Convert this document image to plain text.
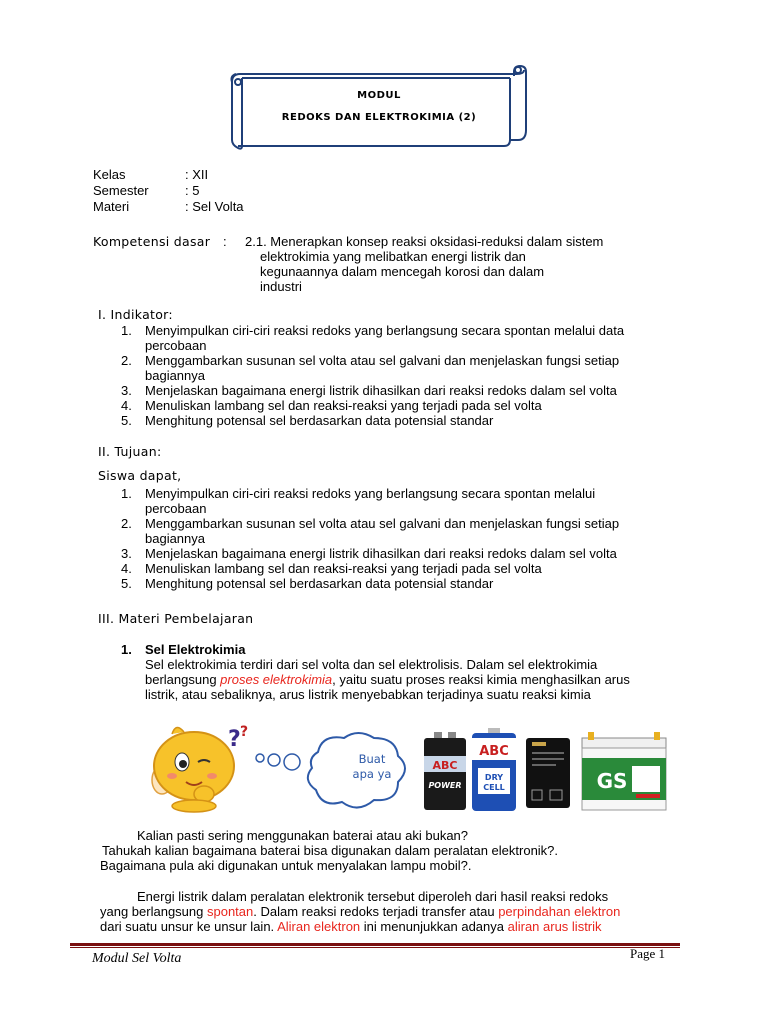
MODUL
REDOKS DAN ELEKTROKIMIA (2)
Kelas	: XII
Semester	: 5
Materi	: Sel Volta
Kompetensi dasar : 2.1. Menerapkan konsep reaksi oksidasi-reduksi dalam sistem
elektrokimia yang melibatkan energi listrik dan
kegunaannya dalam mencegah korosi dan dalam
industri
I. Indikator:
1. Menyimpulkan ciri-ciri reaksi redoks yang berlangsung secara spontan melalui data
percobaan
2. Menggambarkan susunan sel volta atau sel galvani dan menjelaskan fungsi setiap
bagiannya
3. Menjelaskan bagaimana energi listrik dihasilkan dari reaksi redoks dalam sel volta
4. Menuliskan lambang sel dan reaksi-reaksi yang terjadi pada sel volta
5. Menghitung potensal sel berdasarkan data potensial standar
II. Tujuan:
Siswa dapat,
1. Menyimpulkan ciri-ciri reaksi redoks yang berlangsung secara spontan melalui
percobaan
2. Menggambarkan susunan sel volta atau sel galvani dan menjelaskan fungsi setiap
bagiannya
3. Menjelaskan bagaimana energi listrik dihasilkan dari reaksi redoks dalam sel volta
4. Menuliskan lambang sel dan reaksi-reaksi yang terjadi pada sel volta
5. Menghitung potensal sel berdasarkan data potensial standar
III. Materi Pembelajaran
1. Sel Elektrokimia
Sel elektrokimia terdiri dari sel volta dan sel elektrolisis. Dalam sel elektrokimia
berlangsung proses elektrokimia, yaitu suatu proses reaksi kimia menghasilkan arus
listrik, atau sebaliknya, arus listrik menyebabkan terjadinya suatu reaksi kimia
? ?
Buat
apa ya
ABC
POWER
ABC
DRY
CELL	GS
Kalian pasti sering menggunakan baterai atau aki bukan?
Tahukah kalian bagaimana baterai bisa digunakan dalam peralatan elektronik?.
Bagaimana pula aki digunakan untuk menyalakan lampu mobil?.
Energi listrik dalam peralatan elektronik tersebut diperoleh dari hasil reaksi redoks
yang berlangsung spontan. Dalam reaksi redoks terjadi transfer atau perpindahan elektron
dari suatu unsur ke unsur lain. Aliran elektron ini menunjukkan adanya aliran arus listrik
Modul Sel Volta	Page 1
